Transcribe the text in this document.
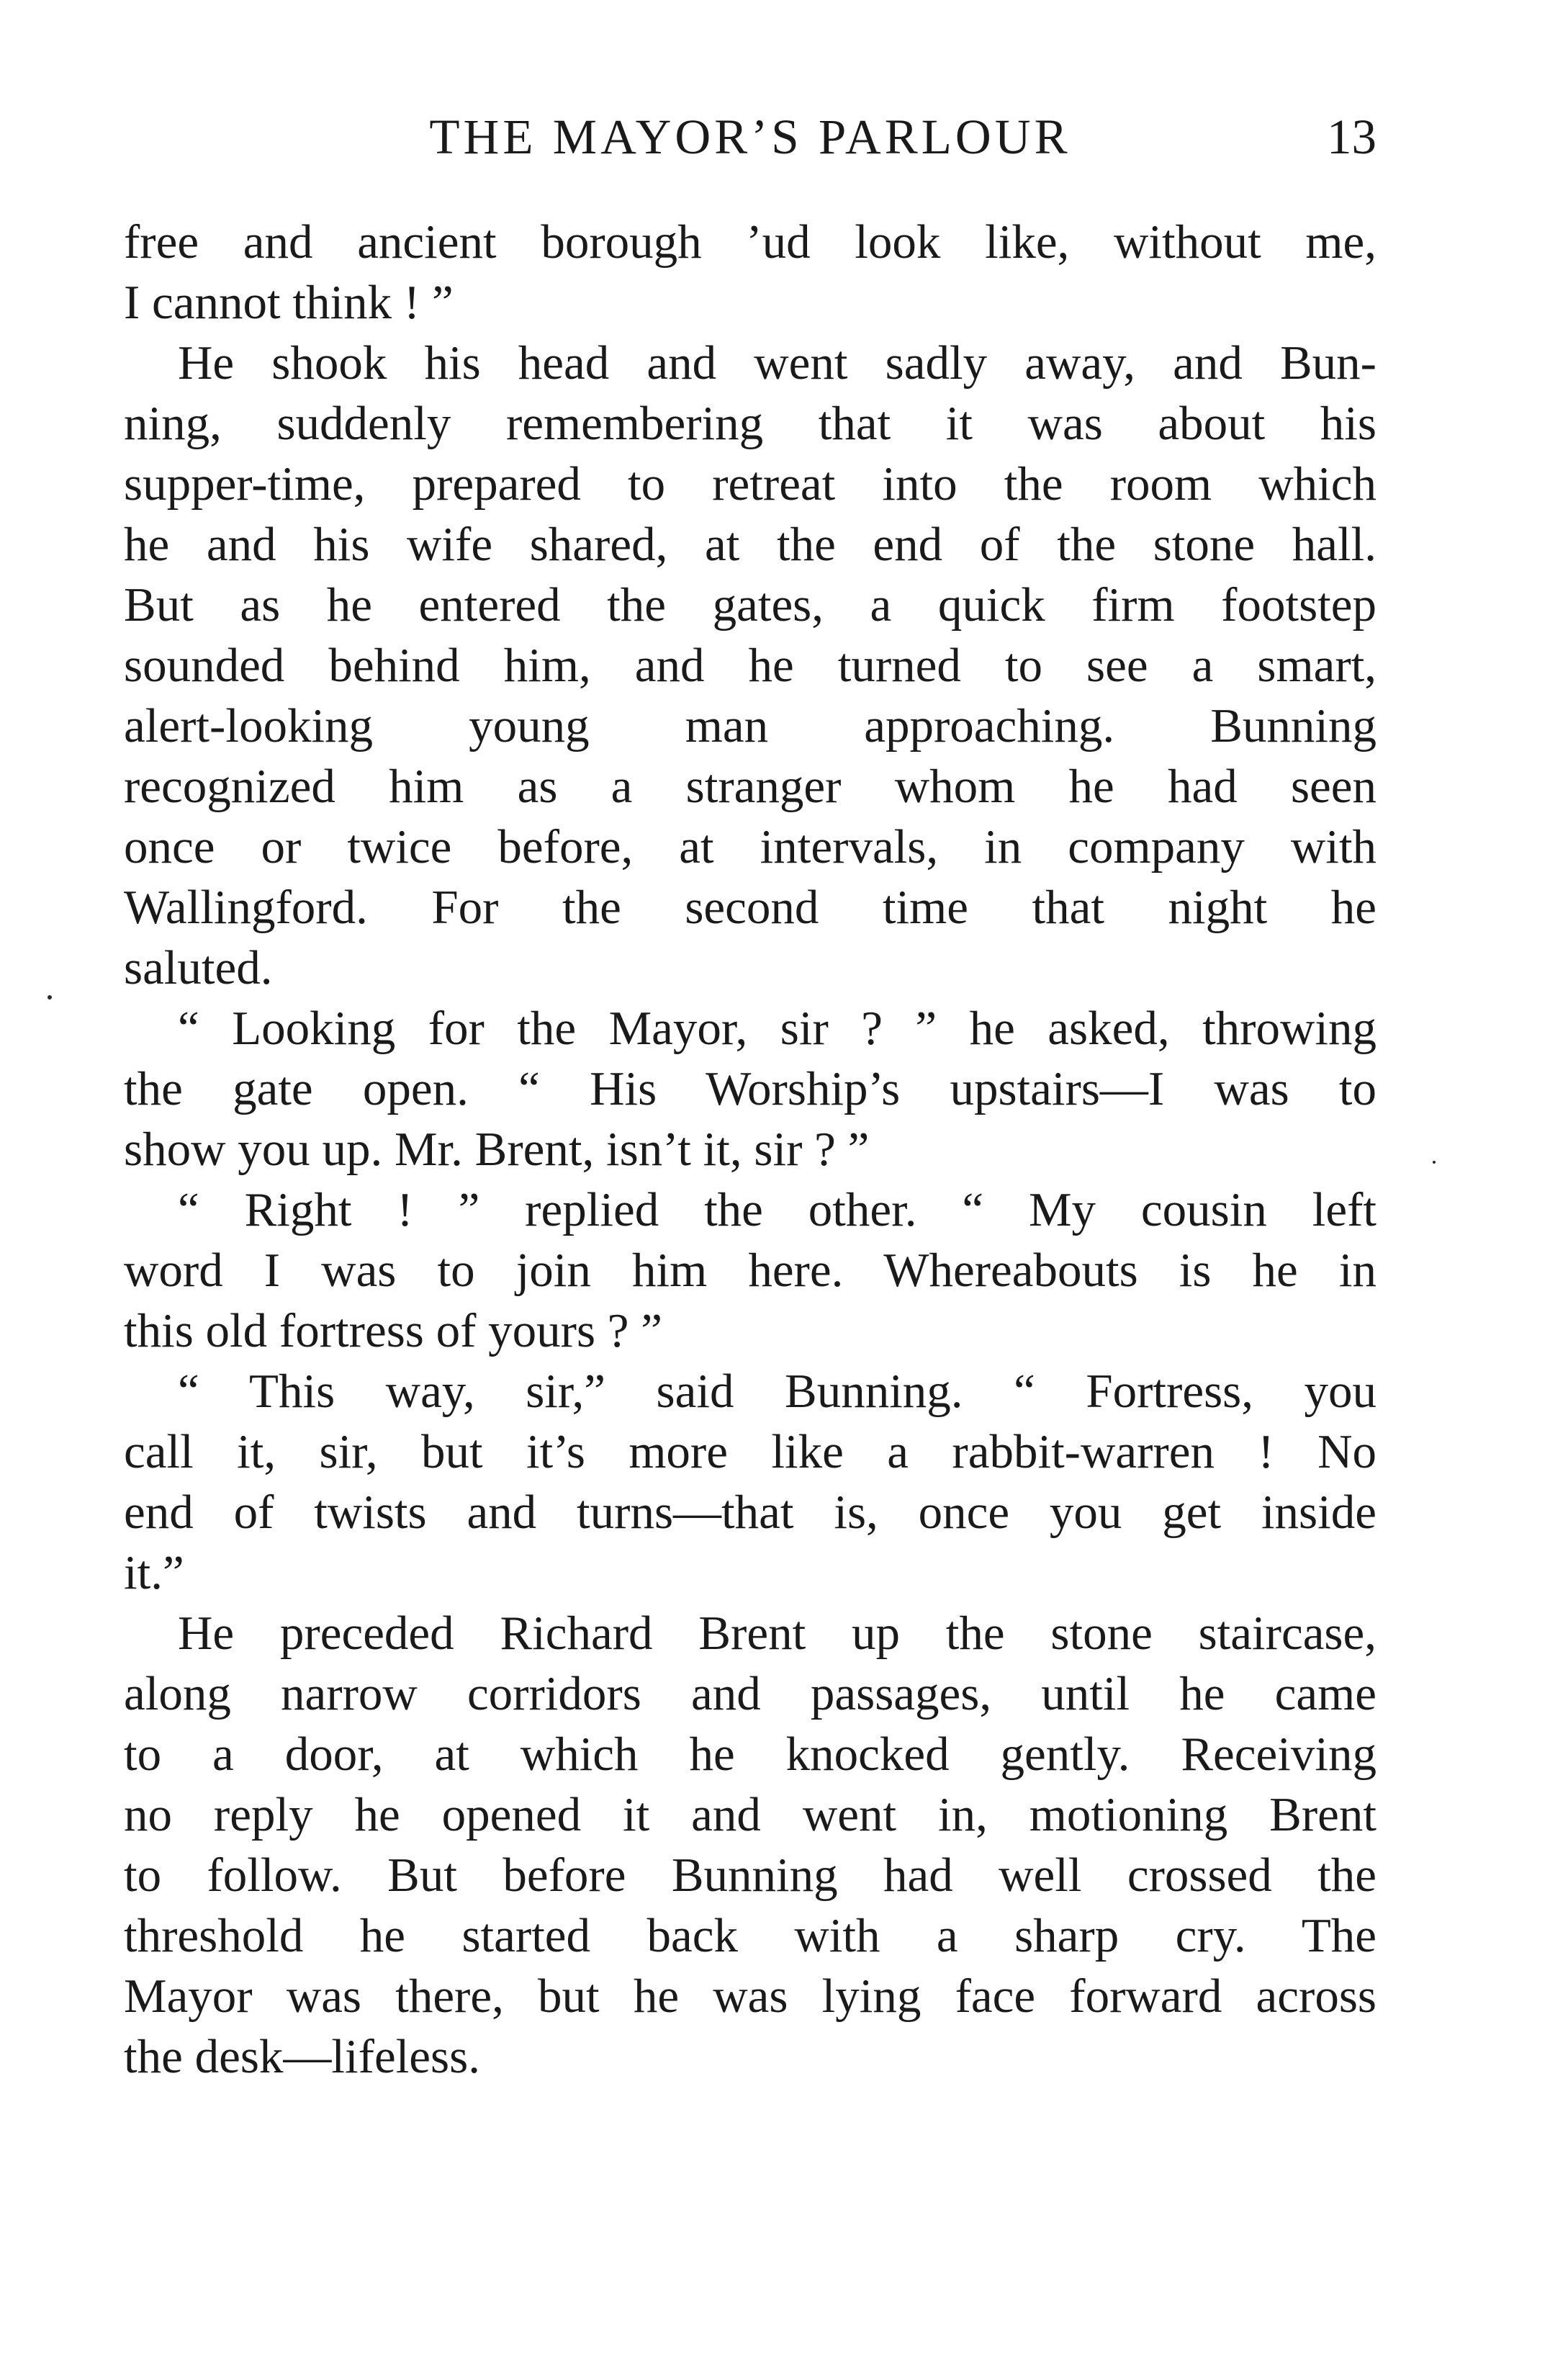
THE MAYOR’S PARLOUR	13
free and ancient borough ’ud look like, without me,
I cannot think ! ”
He shook his head and went sadly away, and Bun-
ning, suddenly remembering that it was about his
supper-time, prepared to retreat into the room which
he and his wife shared, at the end of the stone hall.
But as he entered the gates, a quick firm footstep
sounded behind him, and he turned to see a smart,
alert-looking young man approaching. Bunning
recognized him as a stranger whom he had seen
once or twice before, at intervals, in company with
Wallingford. For the second time that night he
saluted.
“ Looking for the Mayor, sir ? ” he asked, throwing
the gate open. “ His Worship’s upstairs—I was to
show you up. Mr. Brent, isn’t it, sir ? ”
“ Right ! ” replied the other. “ My cousin left
word I was to join him here. Whereabouts is he in
this old fortress of yours ? ”
“ This way, sir,” said Bunning. “ Fortress, you
call it, sir, but it’s more like a rabbit-warren ! No
end of twists and turns—that is, once you get inside
it.”
He preceded Richard Brent up the stone staircase,
along narrow corridors and passages, until he came
to a door, at which he knocked gently. Receiving
no reply he opened it and went in, motioning Brent
to follow. But before Bunning had well crossed the
threshold he started back with a sharp cry. The
Mayor was there, but he was lying face forward across
the desk—lifeless.
